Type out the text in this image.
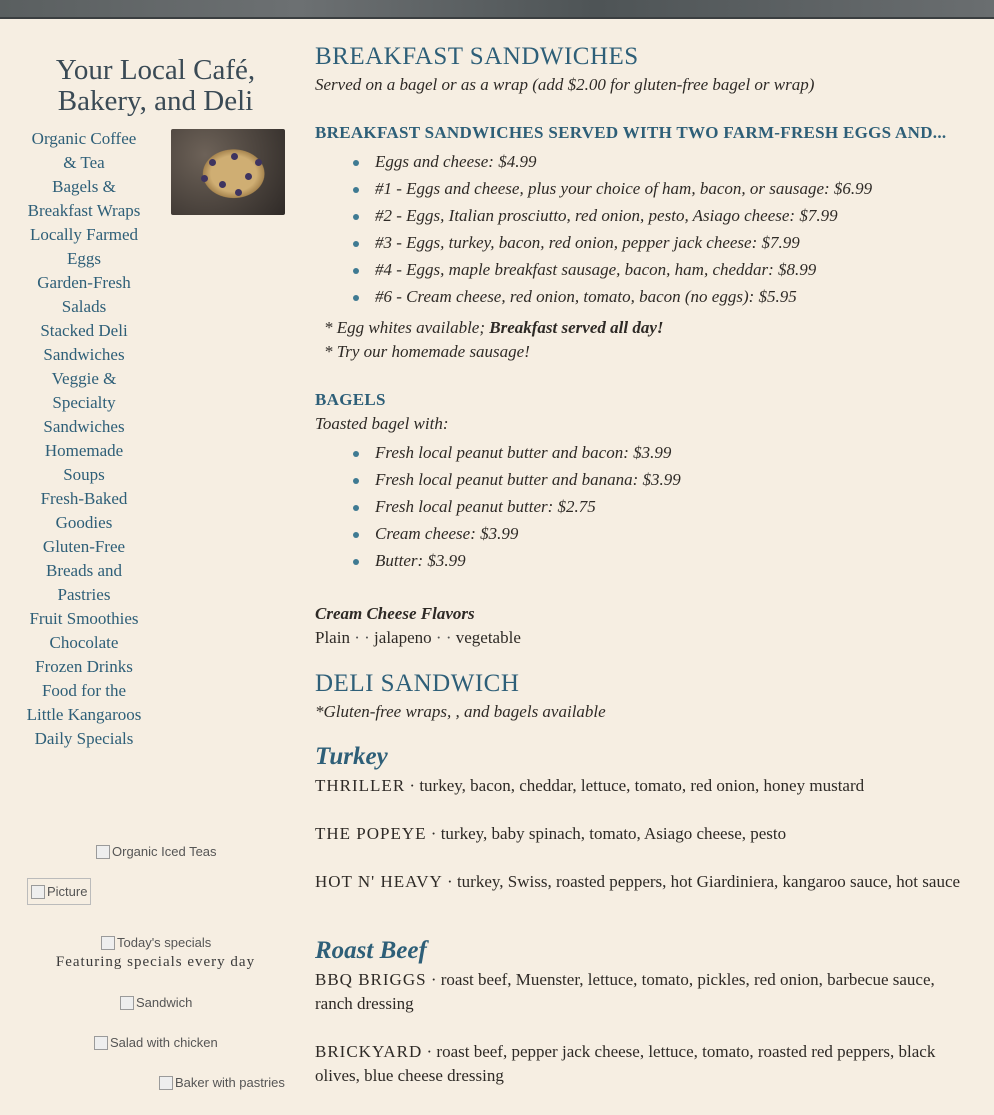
Your Local Café, Bakery, and Deli
Organic Coffee & Tea
Bagels & Breakfast Wraps
Locally Farmed Eggs
Garden-Fresh Salads
Stacked Deli Sandwiches
Veggie & Specialty Sandwiches
Homemade Soups
Fresh-Baked Goodies
Gluten-Free Breads and Pastries
Fruit Smoothies
Chocolate
Frozen Drinks
Food for the Little Kangaroos
Daily Specials
Organic Iced Teas
Picture
Today's specials
Featuring specials every day
Sandwich
Salad with chicken
Baker with pastries
BREAKFAST SANDWICHES
Served on a bagel or as a wrap (add $2.00 for gluten-free bagel or wrap)
BREAKFAST SANDWICHES SERVED WITH TWO FARM-FRESH EGGS AND...
Eggs and cheese: $4.99
#1 - Eggs and cheese, plus your choice of ham, bacon, or sausage: $6.99
#2 - Eggs, Italian prosciutto, red onion, pesto, Asiago cheese: $7.99
#3 - Eggs, turkey, bacon, red onion, pepper jack cheese: $7.99
#4 - Eggs, maple breakfast sausage, bacon, ham, cheddar: $8.99
#6 - Cream cheese, red onion, tomato, bacon (no eggs): $5.95
* Egg whites available; Breakfast served all day!
* Try our homemade sausage!
BAGELS
Toasted bagel with:
Fresh local peanut butter and bacon: $3.99
Fresh local peanut butter and banana: $3.99
Fresh local peanut butter: $2.75
Cream cheese: $3.99
Butter: $3.99
Cream Cheese Flavors
Plain · · jalapeno · · vegetable
DELI SANDWICH
*Gluten-free wraps, , and bagels available
Turkey
THRILLER · turkey, bacon, cheddar, lettuce, tomato, red onion, honey mustard
THE POPEYE · turkey, baby spinach, tomato, Asiago cheese, pesto
HOT N' HEAVY · turkey, Swiss, roasted peppers, hot Giardiniera, kangaroo sauce, hot sauce
Roast Beef
BBQ BRIGGS · roast beef, Muenster, lettuce, tomato, pickles, red onion, barbecue sauce, ranch dressing
BRICKYARD · roast beef, pepper jack cheese, lettuce, tomato, roasted red peppers, black olives, blue cheese dressing
